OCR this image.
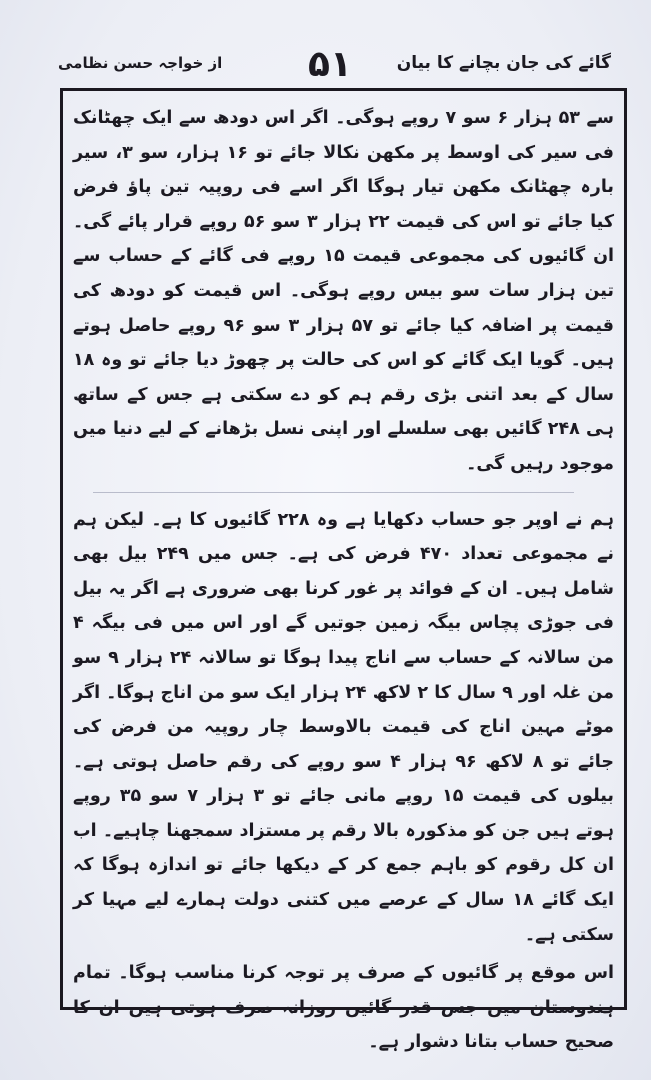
گائے کی جان بچانے کا بیان
۵۱
از خواجہ حسن نظامی

سے ۵۳ ہزار ۶ سو ۷ روپے ہوگی۔ اگر اس دودھ سے ایک چھٹانک فی سیر کی اوسط پر مکھن نکالا جائے تو ۱۶ ہزار، سو ۳، سیر بارہ چھٹانک مکھن تیار ہوگا اگر اسے فی روپیہ تین پاؤ فرض کیا جائے تو اس کی قیمت ۲۲ ہزار ۳ سو ۵۶ روپے قرار پائے گی۔ ان گائیوں کی مجموعی قیمت ۱۵ روپے فی گائے کے حساب سے تین ہزار سات سو بیس روپے ہوگی۔ اس قیمت کو دودھ کی قیمت پر اضافہ کیا جائے تو ۵۷ ہزار ۳ سو ۹۶ روپے حاصل ہوتے ہیں۔ گویا ایک گائے کو اس کی حالت پر چھوڑ دیا جائے تو وہ ۱۸ سال کے بعد اتنی بڑی رقم ہم کو دے سکتی ہے جس کے ساتھ ہی ۲۴۸ گائیں بھی سلسلے اور اپنی نسل بڑھانے کے لیے دنیا میں موجود رہیں گی۔

ہم نے اوپر جو حساب دکھایا ہے وہ ۲۲۸ گائیوں کا ہے۔ لیکن ہم نے مجموعی تعداد ۴۷۰ فرض کی ہے۔ جس میں ۲۴۹ بیل بھی شامل ہیں۔ ان کے فوائد پر غور کرنا بھی ضروری ہے اگر یہ بیل فی جوڑی پچاس بیگہ زمین جوتیں گے اور اس میں فی بیگہ ۴ من سالانہ کے حساب سے اناج پیدا ہوگا تو سالانہ ۲۴ ہزار ۹ سو من غلہ اور ۹ سال کا ۲ لاکھ ۲۴ ہزار ایک سو من اناج ہوگا۔ اگر موٹے مہین اناج کی قیمت بالاوسط چار روپیہ من فرض کی جائے تو ۸ لاکھ ۹۶ ہزار ۴ سو روپے کی رقم حاصل ہوتی ہے۔ بیلوں کی قیمت ۱۵ روپے مانی جائے تو ۳ ہزار ۷ سو ۳۵ روپے ہوتے ہیں جن کو مذکورہ بالا رقم پر مستزاد سمجھنا چاہیے۔ اب ان کل رقوم کو باہم جمع کر کے دیکھا جائے تو اندازہ ہوگا کہ ایک گائے ۱۸ سال کے عرصے میں کتنی دولت ہمارے لیے مہیا کر سکتی ہے۔

اس موقع پر گائیوں کے صرف پر توجہ کرنا مناسب ہوگا۔ تمام ہندوستان میں جس قدر گائیں روزانہ صرف ہوتی ہیں ان کا صحیح حساب بتانا دشوار ہے۔
